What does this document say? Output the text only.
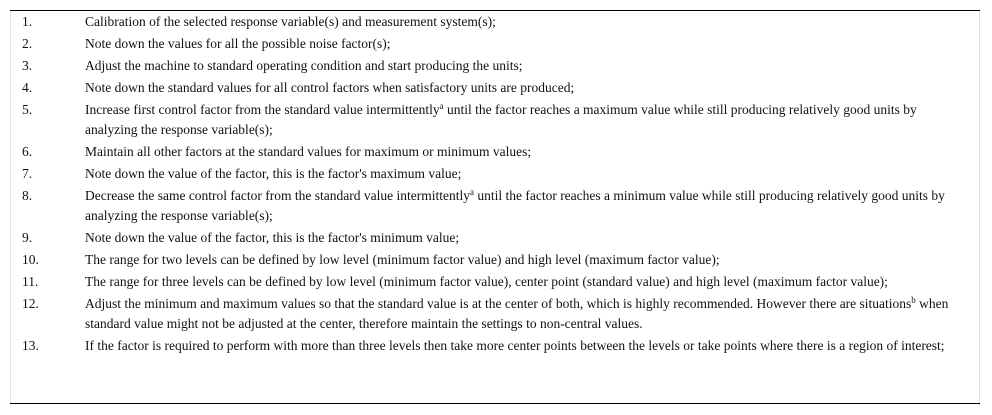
1.	Calibration of the selected response variable(s) and measurement system(s);
2.	Note down the values for all the possible noise factor(s);
3.	Adjust the machine to standard operating condition and start producing the units;
4.	Note down the standard values for all control factors when satisfactory units are produced;
5.	Increase first control factor from the standard value intermittently$^a$ until the factor reaches a maximum value while still producing relatively good units by analyzing the response variable(s);
6.	Maintain all other factors at the standard values for maximum or minimum values;
7.	Note down the value of the factor, this is the factor's maximum value;
8.	Decrease the same control factor from the standard value intermittently$^a$ until the factor reaches a minimum value while still producing relatively good units by analyzing the response variable(s);
9.	Note down the value of the factor, this is the factor's minimum value;
10.	The range for two levels can be defined by low level (minimum factor value) and high level (maximum factor value);
11.	The range for three levels can be defined by low level (minimum factor value), center point (standard value) and high level (maximum factor value);
12.	Adjust the minimum and maximum values so that the standard value is at the center of both, which is highly recommended. However there are situations$^b$ when standard value might not be adjusted at the center, therefore maintain the settings to non-central values.
13.	If the factor is required to perform with more than three levels then take more center points between the levels or take points where there is a region of interest;
